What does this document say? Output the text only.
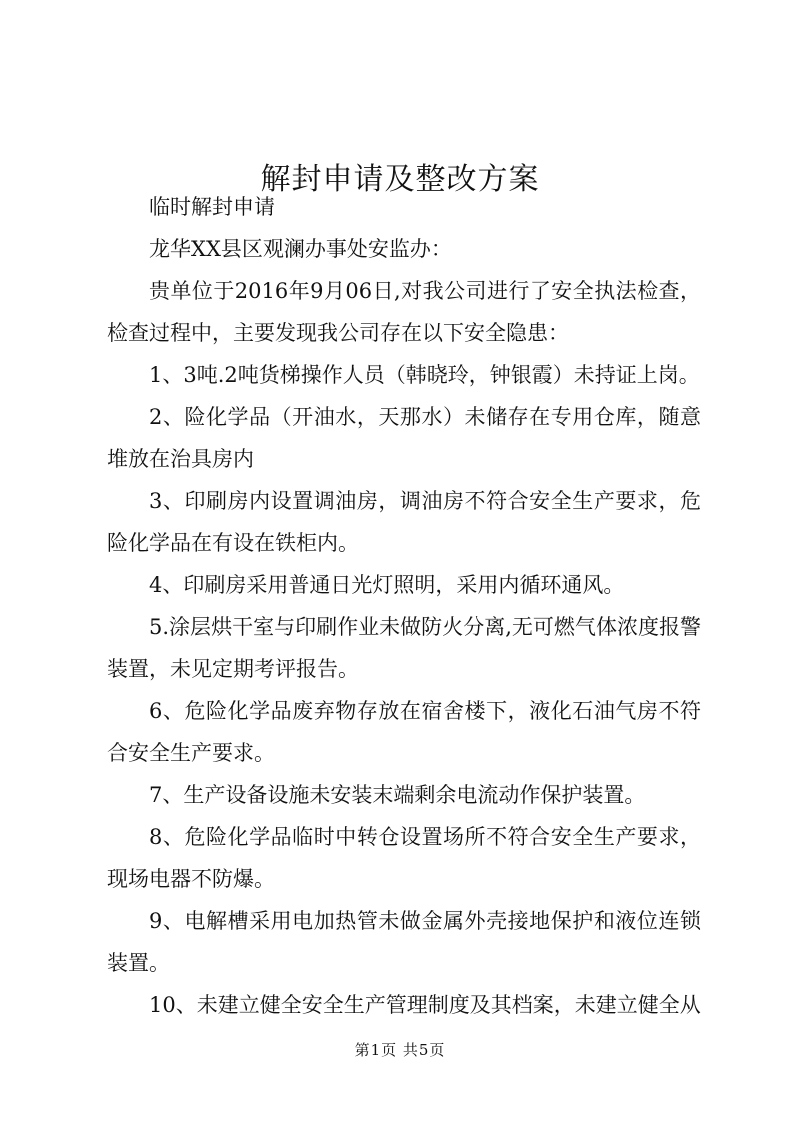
解封申请及整改方案

临时解封申请

龙华XX县区观澜办事处安监办：

贵单位于2016年9月06日,对我公司进行了安全执法检查，检查过程中，主要发现我公司存在以下安全隐患：

1、3吨.2吨货梯操作人员（韩晓玲，钟银霞）未持证上岗。

2、险化学品（开油水，天那水）未储存在专用仓库，随意堆放在治具房内

3、印刷房内设置调油房，调油房不符合安全生产要求，危险化学品在有设在铁柜内。

4、印刷房采用普通日光灯照明，采用内循环通风。

5.涂层烘干室与印刷作业未做防火分离,无可燃气体浓度报警装置，未见定期考评报告。

6、危险化学品废弃物存放在宿舍楼下，液化石油气房不符合安全生产要求。

7、生产设备设施未安装末端剩余电流动作保护装置。

8、危险化学品临时中转仓设置场所不符合安全生产要求，现场电器不防爆。

9、电解槽采用电加热管未做金属外壳接地保护和液位连锁装置。

10、未建立健全安全生产管理制度及其档案，未建立健全从

第1页 共5页
